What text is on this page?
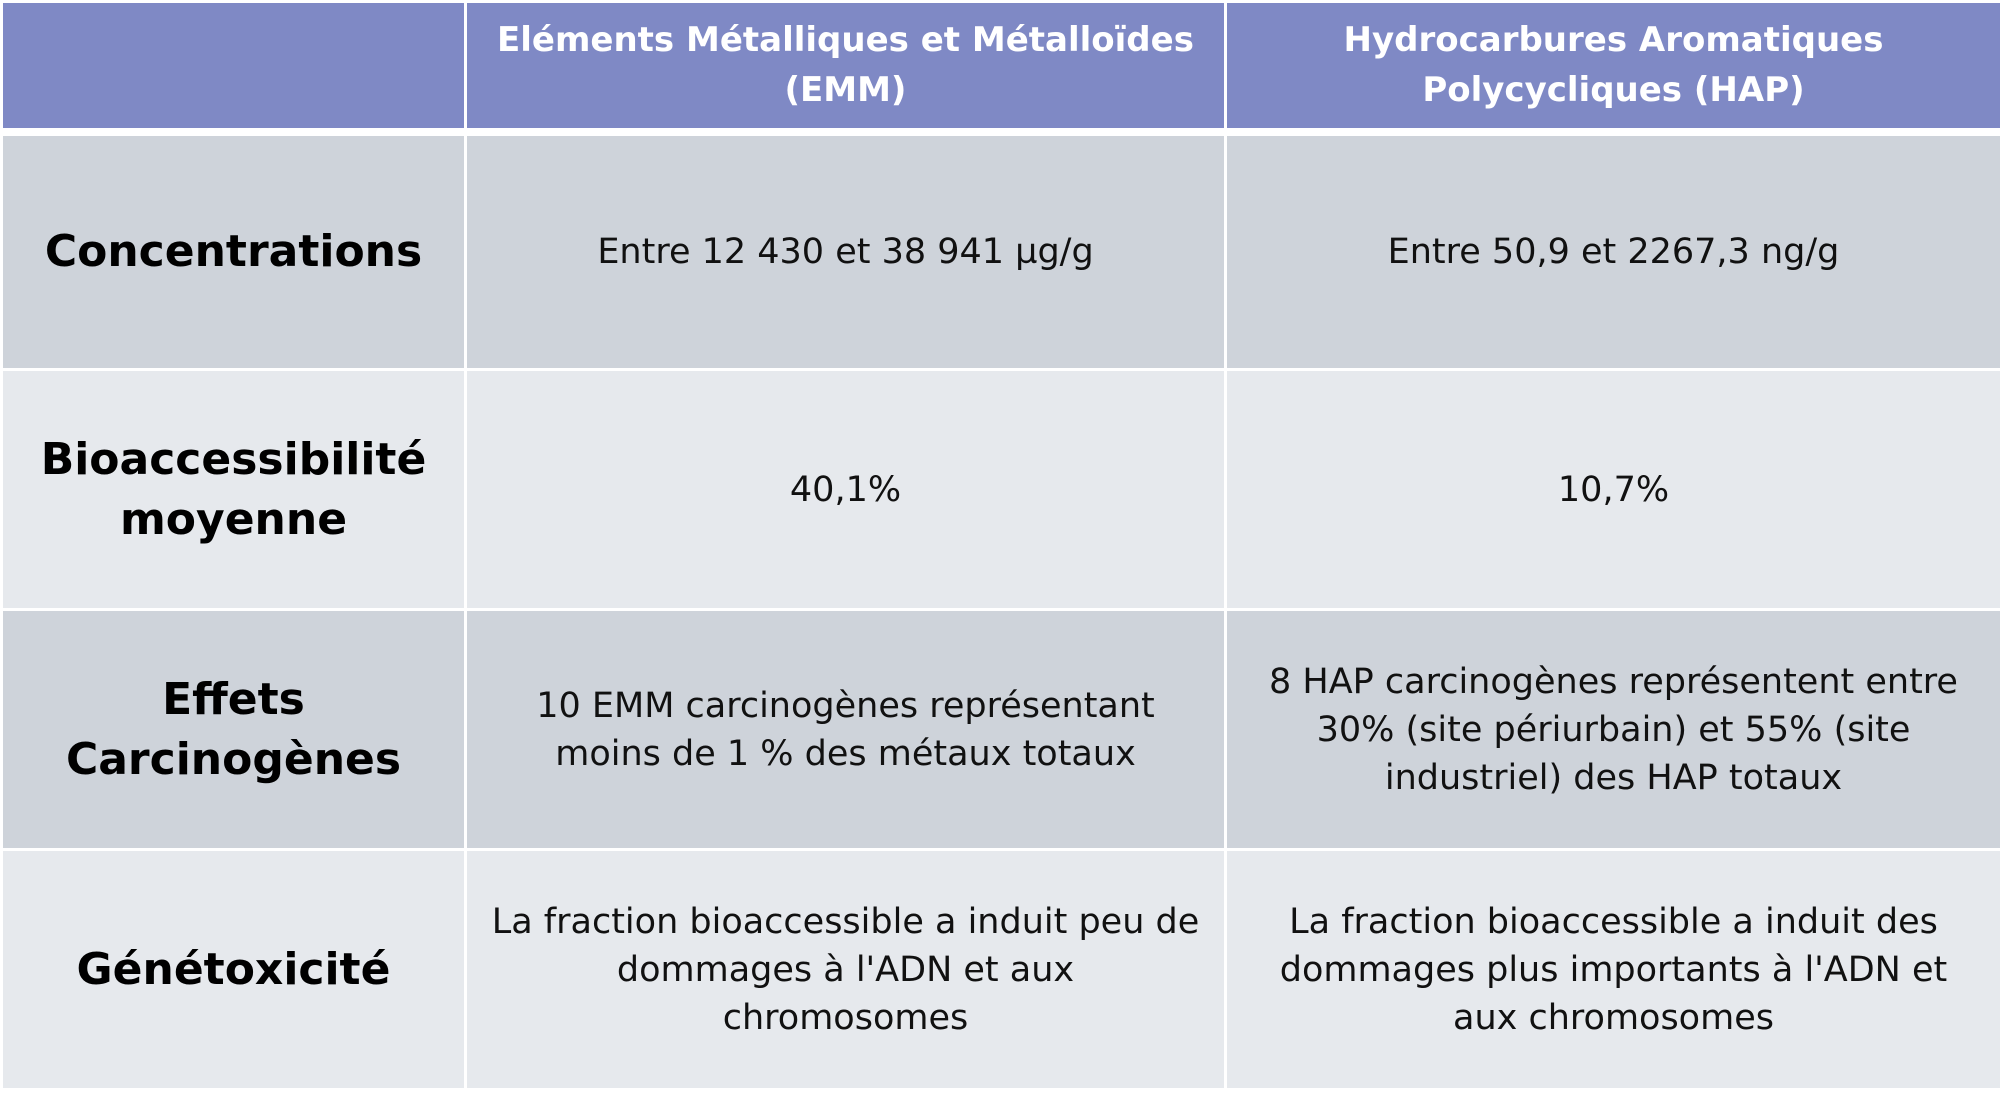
	Eléments Métalliques et Métalloïdes (EMM)	Hydrocarbures Aromatiques Polycycliques (HAP)
Concentrations	Entre 12 430 et 38 941 µg/g	Entre 50,9 et 2267,3 ng/g

Bioaccessibilité moyenne	40,1%	10,7%

Effets Carcinogènes	10 EMM carcinogènes représentant moins de 1 % des métaux totaux	8 HAP carcinogènes représentent entre 30% (site périurbain) et 55% (site industriel) des HAP totaux
Génétoxicité	La fraction bioaccessible a induit peu de dommages à l'ADN et aux chromosomes	La fraction bioaccessible a induit des dommages plus importants à l'ADN et aux chromosomes
